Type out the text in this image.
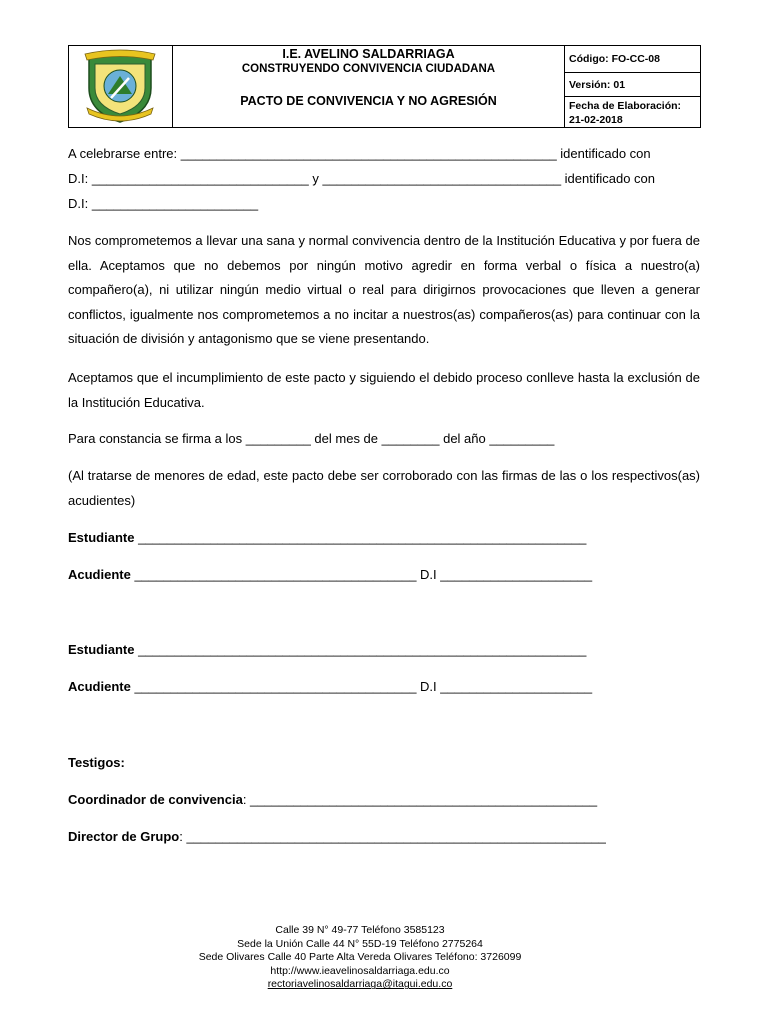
I.E. AVELINO SALDARRIAGA
CONSTRUYENDO CONVIVENCIA CIUDADANA
PACTO DE CONVIVENCIA Y NO AGRESIÓN
Código: FO-CC-08
Versión: 01
Fecha de Elaboración:
21-02-2018
A celebrarse entre: ____________________________________________________ identificado con
D.I: ______________________________ y _________________________________ identificado con
D.I: _______________________
Nos comprometemos a llevar una sana y normal convivencia dentro de la Institución Educativa y por fuera de ella. Aceptamos que no debemos por ningún motivo agredir en forma verbal o física a nuestro(a) compañero(a), ni utilizar ningún medio virtual o real para dirigirnos provocaciones que lleven a generar conflictos, igualmente nos comprometemos a no incitar a nuestros(as) compañeros(as) para continuar con la situación de división y antagonismo que se viene presentando.
Aceptamos que el incumplimiento de este pacto y siguiendo el debido proceso conlleve hasta la exclusión de la Institución Educativa.
Para constancia se firma a los _________ del mes de ________ del año _________
(Al tratarse de menores de edad, este pacto debe ser corroborado con las firmas de las o los respectivos(as) acudientes)
Estudiante ______________________________________________________________
Acudiente _______________________________________ D.I _____________________
Estudiante ______________________________________________________________
Acudiente _______________________________________ D.I _____________________
Testigos:
Coordinador de convivencia: ________________________________________________
Director de Grupo: __________________________________________________________
Calle 39 N° 49-77 Teléfono 3585123
Sede la Unión Calle 44 N° 55D-19 Teléfono 2775264
Sede Olivares Calle 40 Parte Alta Vereda Olivares Teléfono: 3726099
http://www.ieavelinosaldarriaga.edu.co
rectoriavelinosaldarriaga@itagui.edu.co
